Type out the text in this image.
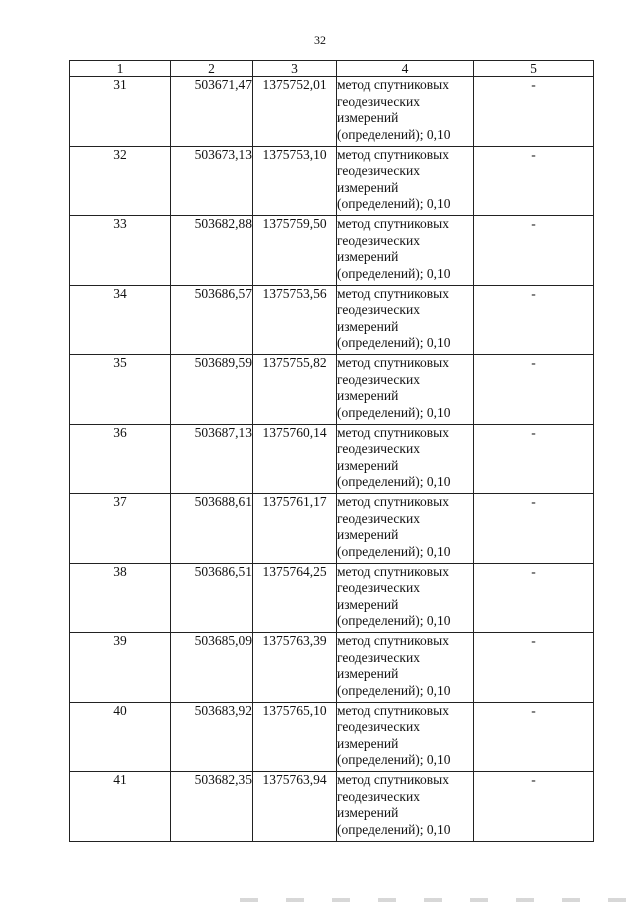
32
1	2	3	4	5
31	503671,47	1375752,01	метод спутниковых
геодезических
измерений
(определений); 0,10	-
32	503673,13	1375753,10	метод спутниковых
геодезических
измерений
(определений); 0,10	-
33	503682,88	1375759,50	метод спутниковых
геодезических
измерений
(определений); 0,10	-
34	503686,57	1375753,56	метод спутниковых
геодезических
измерений
(определений); 0,10	-
35	503689,59	1375755,82	метод спутниковых
геодезических
измерений
(определений); 0,10	-
36	503687,13	1375760,14	метод спутниковых
геодезических
измерений
(определений); 0,10	-
37	503688,61	1375761,17	метод спутниковых
геодезических
измерений
(определений); 0,10	-
38	503686,51	1375764,25	метод спутниковых
геодезических
измерений
(определений); 0,10	-
39	503685,09	1375763,39	метод спутниковых
геодезических
измерений
(определений); 0,10	-
40	503683,92	1375765,10	метод спутниковых
геодезических
измерений
(определений); 0,10	-
41	503682,35	1375763,94	метод спутниковых
геодезических
измерений
(определений); 0,10	-
